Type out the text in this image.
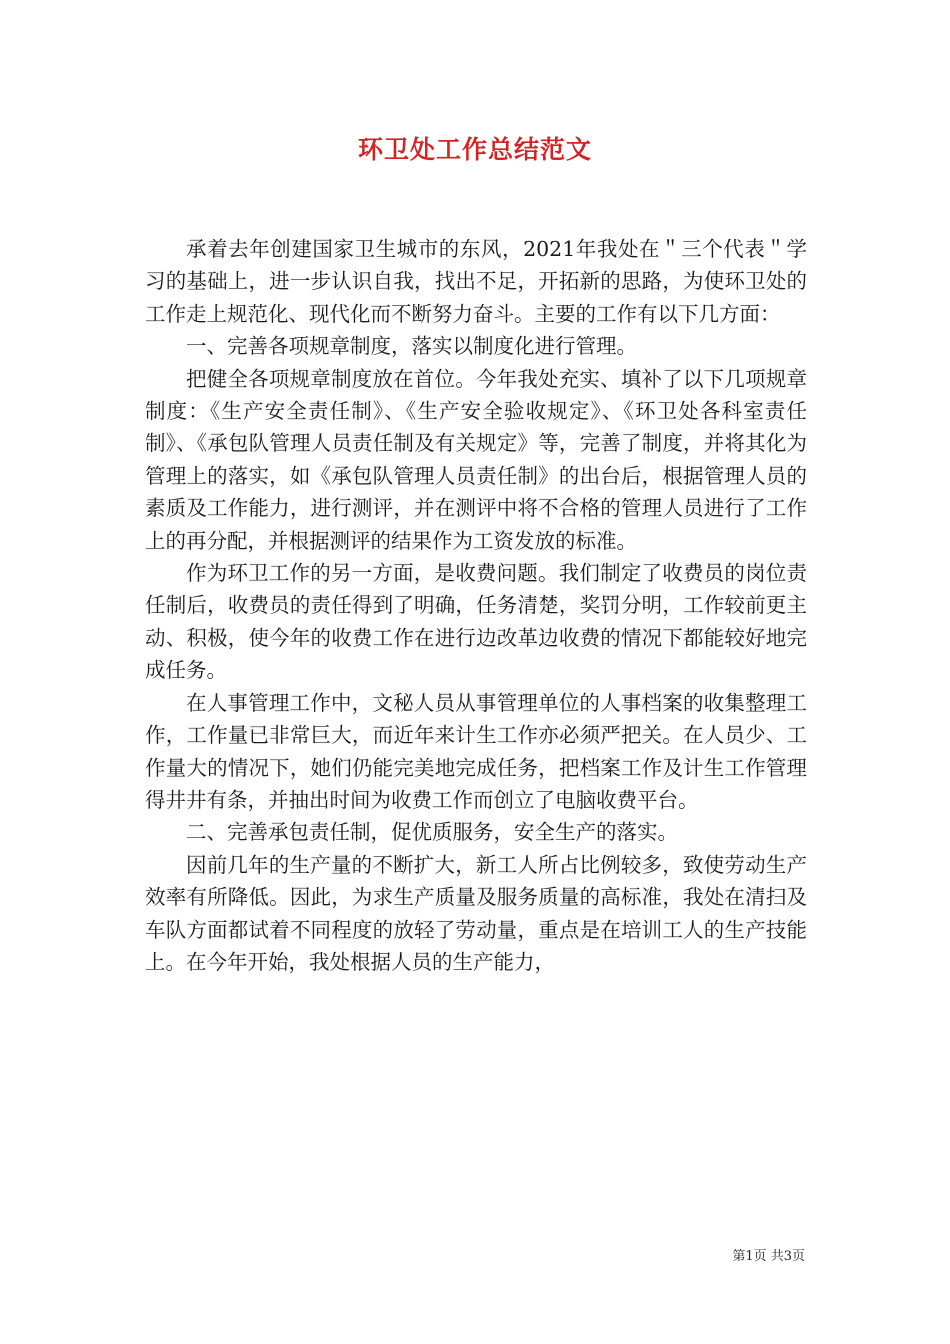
环卫处工作总结范文

承着去年创建国家卫生城市的东风，2021年我处在＂三个代表＂学习的基础上，进一步认识自我，找出不足，开拓新的思路，为使环卫处的工作走上规范化、现代化而不断努力奋斗。主要的工作有以下几方面：

一、完善各项规章制度，落实以制度化进行管理。

把健全各项规章制度放在首位。今年我处充实、填补了以下几项规章制度：《生产安全责任制》、《生产安全验收规定》、《环卫处各科室责任制》、《承包队管理人员责任制及有关规定》等，完善了制度，并将其化为管理上的落实，如《承包队管理人员责任制》的出台后，根据管理人员的素质及工作能力，进行测评，并在测评中将不合格的管理人员进行了工作上的再分配，并根据测评的结果作为工资发放的标准。

作为环卫工作的另一方面，是收费问题。我们制定了收费员的岗位责任制后，收费员的责任得到了明确，任务清楚，奖罚分明，工作较前更主动、积极，使今年的收费工作在进行边改革边收费的情况下都能较好地完成任务。

在人事管理工作中，文秘人员从事管理单位的人事档案的收集整理工作，工作量已非常巨大，而近年来计生工作亦必须严把关。在人员少、工作量大的情况下，她们仍能完美地完成任务，把档案工作及计生工作管理得井井有条，并抽出时间为收费工作而创立了电脑收费平台。

二、完善承包责任制，促优质服务，安全生产的落实。

因前几年的生产量的不断扩大，新工人所占比例较多，致使劳动生产效率有所降低。因此，为求生产质量及服务质量的高标准，我处在清扫及车队方面都试着不同程度的放轻了劳动量，重点是在培训工人的生产技能上。在今年开始，我处根据人员的生产能力，

第1页 共3页
